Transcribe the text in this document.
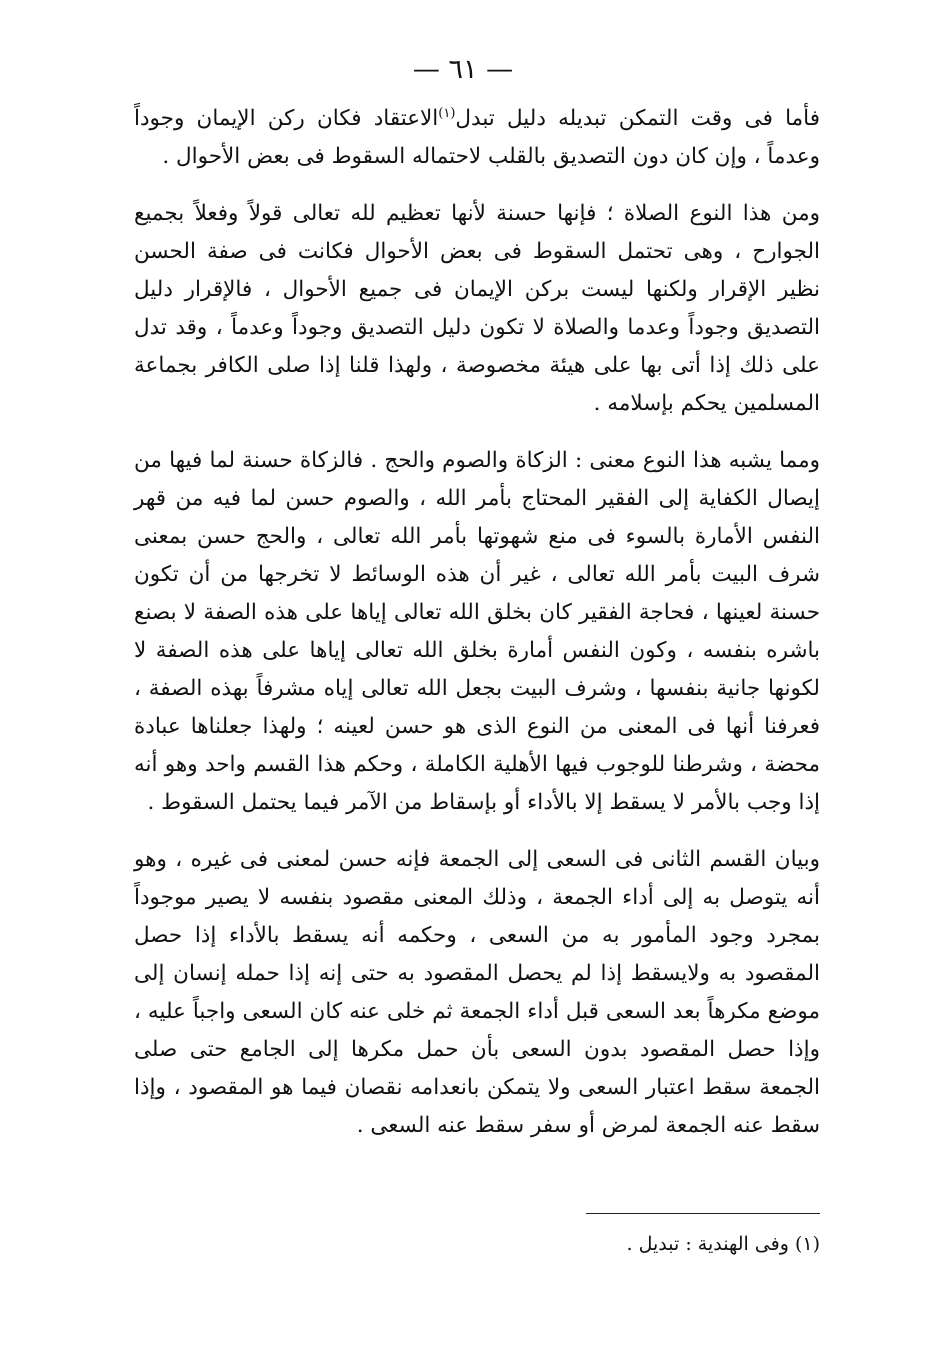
— ٦١ —

فأما فى وقت التمكن تبديله دليل تبدل$^{(١)}$الاعتقاد فكان ركن الإيمان وجوداً وعدماً ، وإن كان دون التصديق بالقلب لاحتماله السقوط فى بعض الأحوال .

ومن هذا النوع الصلاة ؛ فإنها حسنة لأنها تعظيم لله تعالى قولاً وفعلاً بجميع الجوارح ، وهى تحتمل السقوط فى بعض الأحوال فكانت فى صفة الحسن نظير الإقرار ولكنها ليست بركن الإيمان فى جميع الأحوال ، فالإقرار دليل التصديق وجوداً وعدما والصلاة لا تكون دليل التصديق وجوداً وعدماً ، وقد تدل على ذلك إذا أتى بها على هيئة مخصوصة ، ولهذا قلنا إذا صلى الكافر بجماعة المسلمين يحكم بإسلامه .

ومما يشبه هذا النوع معنى : الزكاة والصوم والحج . فالزكاة حسنة لما فيها من إيصال الكفاية إلى الفقير المحتاج بأمر الله ، والصوم حسن لما فيه من قهر النفس الأمارة بالسوء فى منع شهوتها بأمر الله تعالى ، والحج حسن بمعنى شرف البيت بأمر الله تعالى ، غير أن هذه الوسائط لا تخرجها من أن تكون حسنة لعينها ، فحاجة الفقير كان بخلق الله تعالى إياها على هذه الصفة لا بصنع باشره بنفسه ، وكون النفس أمارة بخلق الله تعالى إياها على هذه الصفة لا لكونها جانية بنفسها ، وشرف البيت بجعل الله تعالى إياه مشرفاً بهذه الصفة ، فعرفنا أنها فى المعنى من النوع الذى هو حسن لعينه ؛ ولهذا جعلناها عبادة محضة ، وشرطنا للوجوب فيها الأهلية الكاملة ، وحكم هذا القسم واحد وهو أنه إذا وجب بالأمر لا يسقط إلا بالأداء أو بإسقاط من الآمر فيما يحتمل السقوط .

وبيان القسم الثانى فى السعى إلى الجمعة فإنه حسن لمعنى فى غيره ، وهو أنه يتوصل به إلى أداء الجمعة ، وذلك المعنى مقصود بنفسه لا يصير موجوداً بمجرد وجود المأمور به من السعى ، وحكمه أنه يسقط بالأداء إذا حصل المقصود به ولايسقط إذا لم يحصل المقصود به حتى إنه إذا حمله إنسان إلى موضع مكرهاً بعد السعى قبل أداء الجمعة ثم خلى عنه كان السعى واجباً عليه ، وإذا حصل المقصود بدون السعى بأن حمل مكرها إلى الجامع حتى صلى الجمعة سقط اعتبار السعى ولا يتمكن بانعدامه نقصان فيما هو المقصود ، وإذا سقط عنه الجمعة لمرض أو سفر سقط عنه السعى .

(١) وفى الهندية : تبديل .
